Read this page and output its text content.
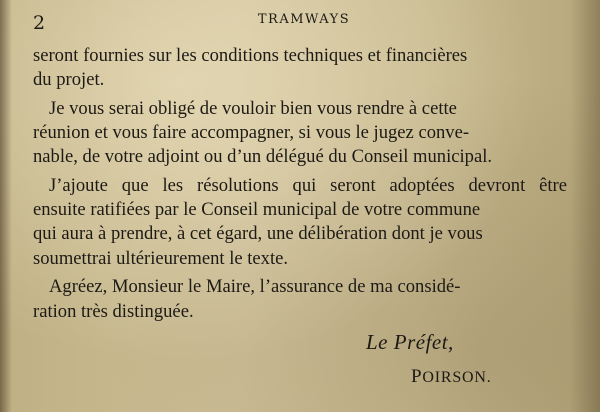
2	TRAMWAYS

seront fournies sur les conditions techniques et financières
du projet.

Je vous serai obligé de vouloir bien vous rendre à cette
réunion et vous faire accompagner, si vous le jugez conve-
nable, de votre adjoint ou d’un délégué du Conseil municipal.

J’ajoute que les résolutions qui seront adoptées devront être
ensuite ratifiées par le Conseil municipal de votre commune
qui aura à prendre, à cet égard, une délibération dont je vous
soumettrai ultérieurement le texte.

Agréez, Monsieur le Maire, l’assurance de ma considé-
ration très distinguée.

Le Préfet,
POIRSON.
